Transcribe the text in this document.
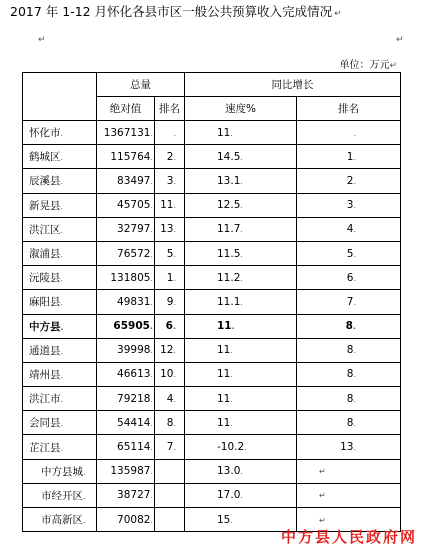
2017 年 1-12 月怀化各县市区一般公共预算收入完成情况 ↵
↵	↵
单位：万元↵
	总量		同比增长	
	绝对值	排名	速度%	排名
怀化市.	1367131.	.	11.	.
鹤城区.	115764.	2.	14.5.	1.
辰溪县.	83497.	3.	13.1.	2.
新晃县.	45705.	11.	12.5.	3.
洪江区.	32797.	13.	11.7.	4.
溆浦县.	76572.	5.	11.5.	5.
沅陵县.	131805.	1.	11.2.	6.
麻阳县.	49831.	9.	11.1.	7.
中方县.	65905.	6.	11.	8.
通道县.	39998.	12.	11.	8.
靖州县.	46613.	10.	11.	8.
洪江市.	79218.	4.	11.	8.
会同县.	54414.	8.	11.	8.
芷江县.	65114.	7.	-10.2.	13.
中方县城.	135987.		13.0.	↵
市经开区.	38727.		17.0.	↵
市高新区.	70082.		15.	↵
中方县人民政府网
